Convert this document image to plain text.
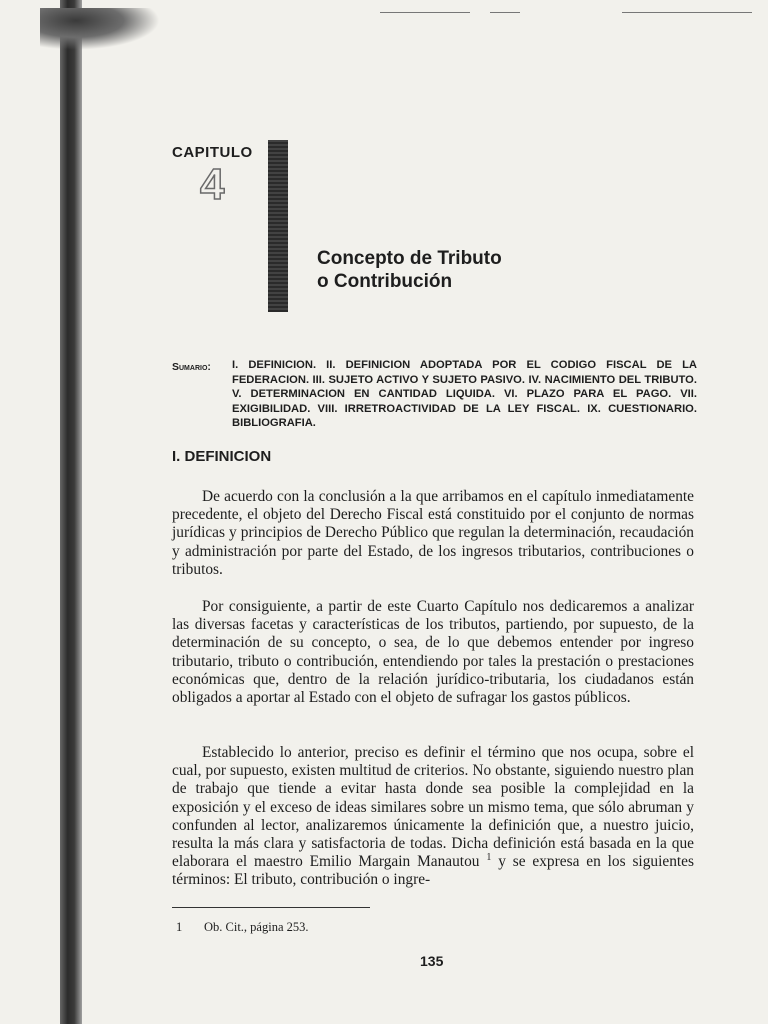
CAPITULO
4
Concepto de Tributo
o Contribución
Sumario:	I. DEFINICION. II. DEFINICION ADOPTADA POR EL CODIGO FISCAL DE LA FEDERACION. III. SUJETO ACTIVO Y SUJETO PASIVO. IV. NACIMIENTO DEL TRIBUTO. V. DETERMINACION EN CANTIDAD LIQUIDA. VI. PLAZO PARA EL PAGO. VII. EXIGIBILIDAD. VIII. IRRETROACTIVIDAD DE LA LEY FISCAL. IX. CUESTIONARIO. BIBLIOGRAFIA.
I. DEFINICION
De acuerdo con la conclusión a la que arribamos en el capítulo inmediatamente precedente, el objeto del Derecho Fiscal está constituido por el conjunto de normas jurídicas y principios de Derecho Público que regulan la determinación, recaudación y administración por parte del Estado, de los ingresos tributarios, contribuciones o tributos.
Por consiguiente, a partir de este Cuarto Capítulo nos dedicaremos a analizar las diversas facetas y características de los tributos, partiendo, por supuesto, de la determinación de su concepto, o sea, de lo que debemos entender por ingreso tributario, tributo o contribución, entendiendo por tales la prestación o prestaciones económicas que, dentro de la relación jurídico-tributaria, los ciudadanos están obligados a aportar al Estado con el objeto de sufragar los gastos públicos.
Establecido lo anterior, preciso es definir el término que nos ocupa, sobre el cual, por supuesto, existen multitud de criterios. No obstante, siguiendo nuestro plan de trabajo que tiende a evitar hasta donde sea posible la complejidad en la exposición y el exceso de ideas similares sobre un mismo tema, que sólo abruman y confunden al lector, analizaremos únicamente la definición que, a nuestro juicio, resulta la más clara y satisfactoria de todas. Dicha definición está basada en la que elaborara el maestro Emilio Margain Manautou $^1$ y se expresa en los siguientes términos: El tributo, contribución o ingre-
1 Ob. Cit., página 253.
135
